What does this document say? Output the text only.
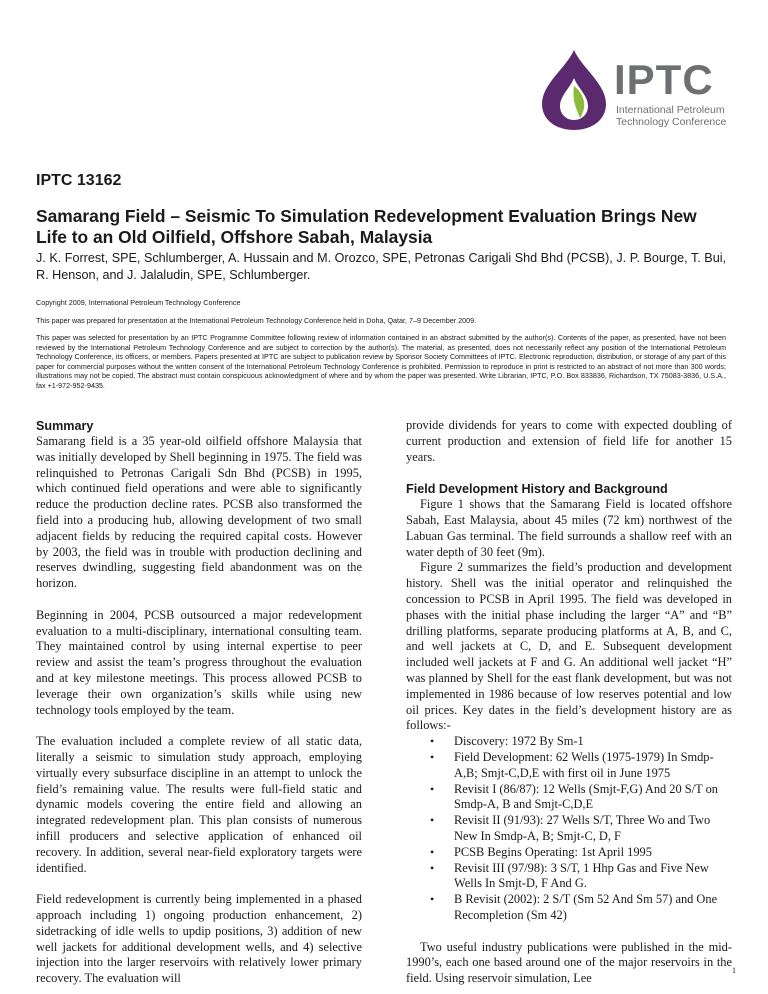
IPTC
International Petroleum
Technology Conference
IPTC 13162
Samarang Field – Seismic To Simulation Redevelopment Evaluation Brings New Life to an Old Oilfield, Offshore Sabah, Malaysia

J. K. Forrest, SPE, Schlumberger, A. Hussain and M. Orozco, SPE, Petronas Carigali Shd Bhd (PCSB), J. P. Bourge, T. Bui, R. Henson, and J. Jalaludin, SPE, Schlumberger.

Copyright 2009, International Petroleum Technology Conference

This paper was prepared for presentation at the International Petroleum Technology Conference held in Doha, Qatar, 7–9 December 2009.

This paper was selected for presentation by an IPTC Programme Committee following review of information contained in an abstract submitted by the author(s). Contents of the paper, as presented, have not been reviewed by the International Petroleum Technology Conference and are subject to correction by the author(s). The material, as presented, does not necessarily reflect any position of the International Petroleum Technology Conference, its officers, or members. Papers presented at IPTC are subject to publication review by Sponsor Society Committees of IPTC. Electronic reproduction, distribution, or storage of any part of this paper for commercial purposes without the written consent of the International Petroleum Technology Conference is prohibited. Permission to reproduce in print is restricted to an abstract of not more than 300 words; illustrations may not be copied. The abstract must contain conspicuous acknowledgment of where and by whom the paper was presented. Write Librarian, IPTC, P.O. Box 833836, Richardson, TX 75083-3836, U.S.A., fax +1-972-952-9435.

Summary

Samarang field is a 35 year-old oilfield offshore Malaysia that was initially developed by Shell beginning in 1975. The field was relinquished to Petronas Carigali Sdn Bhd (PCSB) in 1995, which continued field operations and were able to significantly reduce the production decline rates. PCSB also transformed the field into a producing hub, allowing development of two small adjacent fields by reducing the required capital costs. However by 2003, the field was in trouble with production declining and reserves dwindling, suggesting field abandonment was on the horizon.

Beginning in 2004, PCSB outsourced a major redevelopment evaluation to a multi-disciplinary, international consulting team. They maintained control by using internal expertise to peer review and assist the team’s progress throughout the evaluation and at key milestone meetings. This process allowed PCSB to leverage their own organization’s skills while using new technology tools employed by the team.

The evaluation included a complete review of all static data, literally a seismic to simulation study approach, employing virtually every subsurface discipline in an attempt to unlock the field’s remaining value. The results were full-field static and dynamic models covering the entire field and allowing an integrated redevelopment plan. This plan consists of numerous infill producers and selective application of enhanced oil recovery. In addition, several near-field exploratory targets were identified.

Field redevelopment is currently being implemented in a phased approach including 1) ongoing production enhancement, 2) sidetracking of idle wells to updip positions, 3) addition of new well jackets for additional development wells, and 4) selective injection into the larger reservoirs with relatively lower primary recovery. The evaluation will

provide dividends for years to come with expected doubling of current production and extension of field life for another 15 years.

Field Development History and Background

Figure 1 shows that the Samarang Field is located offshore Sabah, East Malaysia, about 45 miles (72 km) northwest of the Labuan Gas terminal. The field surrounds a shallow reef with an water depth of 30 feet (9m).

Figure 2 summarizes the field’s production and development history. Shell was the initial operator and relinquished the concession to PCSB in April 1995. The field was developed in phases with the initial phase including the larger “A” and “B” drilling platforms, separate producing platforms at A, B, and C, and well jackets at C, D, and E. Subsequent development included well jackets at F and G. An additional well jacket “H” was planned by Shell for the east flank development, but was not implemented in 1986 because of low reserves potential and low oil prices. Key dates in the field’s development history are as follows:-

• Discovery: 1972 By Sm-1
• Field Development: 62 Wells (1975-1979) In Smdp-A,B; Smjt-C,D,E with first oil in June 1975
• Revisit I (86/87): 12 Wells (Smjt-F,G) And 20 S/T on Smdp-A, B and Smjt-C,D,E
• Revisit II (91/93): 27 Wells S/T, Three Wo and Two New In Smdp-A, B; Smjt-C, D, F
• PCSB Begins Operating: 1st April 1995
• Revisit III (97/98): 3 S/T, 1 Hhp Gas and Five New Wells In Smjt-D, F And G.
• B Revisit (2002): 2 S/T (Sm 52 And Sm 57) and One Recompletion (Sm 42)

Two useful industry publications were published in the mid-1990’s, each one based around one of the major reservoirs in the field. Using reservoir simulation, Lee

1
